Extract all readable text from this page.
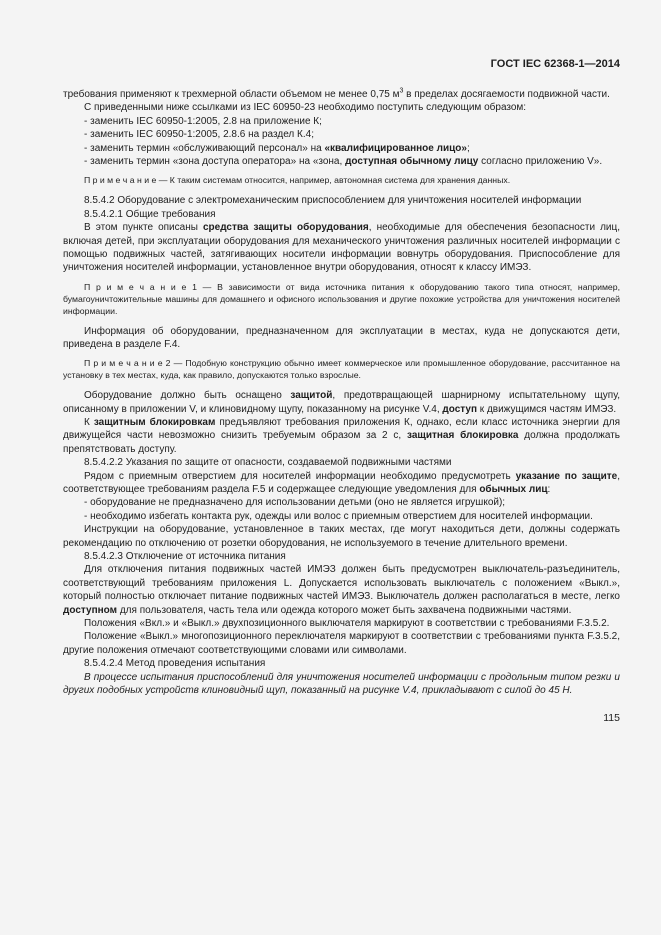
ГОСТ IEC 62368-1—2014

требования применяют к трехмерной области объемом не менее 0,75 $м^3$ в пределах досягаемости подвижной части.

С приведенными ниже ссылками из IEC 60950-23 необходимо поступить следующим образом:

- заменить IEC 60950-1:2005, 2.8 на приложение К;

- заменить IEC 60950-1:2005, 2.8.6 на раздел К.4;

- заменить термин «обслуживающий персонал» на «квалифицированное лицо»;

- заменить термин «зона доступа оператора» на «зона, доступная обычному лицу согласно приложению V».

П р и м е ч а н и е — К таким системам относится, например, автономная система для хранения данных.

8.5.4.2 Оборудование с электромеханическим приспособлением для уничтожения носителей информации

8.5.4.2.1 Общие требования

В этом пункте описаны средства защиты оборудования, необходимые для обеспечения безопасности лиц, включая детей, при эксплуатации оборудования для механического уничтожения различных носителей информации с помощью подвижных частей, затягивающих носители информации вовнутрь оборудования. Приспособление для уничтожения носителей информации, установленное внутри оборудования, относят к классу ИМЭЗ.

П р и м е ч а н и е 1 — В зависимости от вида источника питания к оборудованию такого типа относят, например, бумагоуничтожительные машины для домашнего и офисного использования и другие похожие устройства для уничтожения носителей информации.

Информация об оборудовании, предназначенном для эксплуатации в местах, куда не допускаются дети, приведена в разделе F.4.

П р и м е ч а н и е 2 — Подобную конструкцию обычно имеет коммерческое или промышленное оборудование, рассчитанное на установку в тех местах, куда, как правило, допускаются только взрослые.

Оборудование должно быть оснащено защитой, предотвращающей шарнирному испытательному щупу, описанному в приложении V, и клиновидному щупу, показанному на рисунке V.4, доступ к движущимся частям ИМЭЗ.

К защитным блокировкам предъявляют требования приложения К, однако, если класс источника энергии для движущейся части невозможно снизить требуемым образом за 2 с, защитная блокировка должна продолжать препятствовать доступу.

8.5.4.2.2 Указания по защите от опасности, создаваемой подвижными частями

Рядом с приемным отверстием для носителей информации необходимо предусмотреть указание по защите, соответствующее требованиям раздела F.5 и содержащее следующие уведомления для обычных лиц:

- оборудование не предназначено для использовании детьми (оно не является игрушкой);

- необходимо избегать контакта рук, одежды или волос с приемным отверстием для носителей информации.

Инструкции на оборудование, установленное в таких местах, где могут находиться дети, должны содержать рекомендацию по отключению от розетки оборудования, не используемого в течение длительного времени.

8.5.4.2.3 Отключение от источника питания

Для отключения питания подвижных частей ИМЭЗ должен быть предусмотрен выключатель-разъединитель, соответствующий требованиям приложения L. Допускается использовать выключатель с положением «Выкл.», который полностью отключает питание подвижных частей ИМЭЗ. Выключатель должен располагаться в месте, легко доступном для пользователя, часть тела или одежда которого может быть захвачена подвижными частями.

Положения «Вкл.» и «Выкл.» двухпозиционного выключателя маркируют в соответствии с требованиями F.3.5.2.

Положение «Выкл.» многопозиционного переключателя маркируют в соответствии с требованиями пункта F.3.5.2, другие положения отмечают соответствующими словами или символами.

8.5.4.2.4 Метод проведения испытания

В процессе испытания приспособлений для уничтожения носителей информации с продольным типом резки и других подобных устройств клиновидный щуп, показанный на рисунке V.4, прикладывают с силой до 45 Н.

115
